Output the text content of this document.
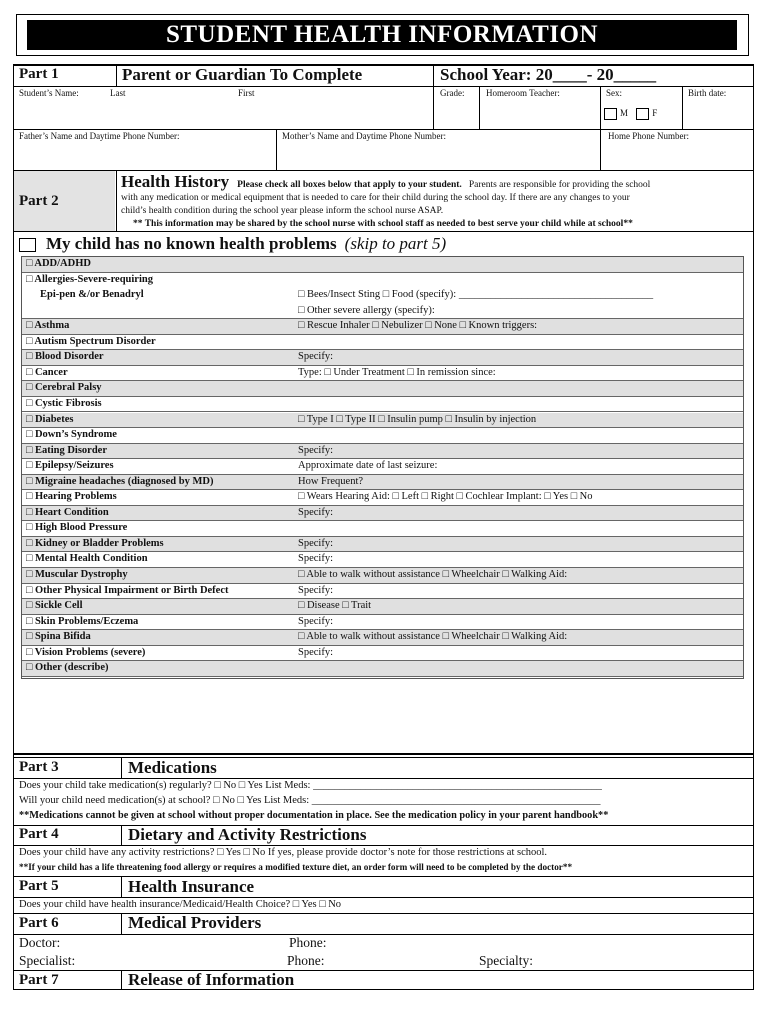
STUDENT HEALTH INFORMATION
Part 1	Parent or Guardian To Complete	School Year: 20____- 20_____
Student’s Name:	Last	First	Grade: Homeroom Teacher:	Sex:
M	F
Birth date:
Father’s Name and Daytime Phone Number:	Mother’s Name and Daytime Phone Number:	Home Phone Number:
Part 2
Health History Please check all boxes below that apply to your student. Parents are responsible for providing the school
with any medication or medical equipment that is needed to care for their child during the school day. If there are any changes to your
child’s health condition during the school year please inform the school nurse ASAP.
** This information may be shared by the school nurse with school staff as needed to best serve your child while at school**
My child has no known health problems (skip to part 5)
□ ADD/ADHD
□ Allergies-Severe-requiring
Epi-pen &/or Benadryl	□ Bees/Insect Sting □ Food (specify): _____________________________________
□ Other severe allergy (specify):
□ Asthma	□ Rescue Inhaler □ Nebulizer □ None □ Known triggers:
□ Autism Spectrum Disorder
□ Blood Disorder	Specify:
□ Cancer	Type: □ Under Treatment □ In remission since:
□ Cerebral Palsy
□ Cystic Fibrosis
□ Diabetes	□ Type I □ Type II □ Insulin pump □ Insulin by injection
□ Down’s Syndrome
□ Eating Disorder	Specify:
□ Epilepsy/Seizures	Approximate date of last seizure:
□ Migraine headaches (diagnosed by MD)	How Frequent?
□ Hearing Problems	□ Wears Hearing Aid: □ Left □ Right □ Cochlear Implant: □ Yes □ No
□ Heart Condition	Specify:
□ High Blood Pressure
□ Kidney or Bladder Problems	Specify:
□ Mental Health Condition	Specify:
□ Muscular Dystrophy	□ Able to walk without assistance □ Wheelchair □ Walking Aid:
□ Other Physical Impairment or Birth Defect	Specify:
□ Sickle Cell	□ Disease □ Trait
□ Skin Problems/Eczema	Specify:
□ Spina Bifida	□ Able to walk without assistance □ Wheelchair □ Walking Aid:
□ Vision Problems (severe)	Specify:
□ Other (describe)
Part 3	Medications
Does your child take medication(s) regularly? □ No □ Yes List Meds: _______________________________________________________
Will your child need medication(s) at school? □ No □ Yes List Meds: _______________________________________________________
**Medications cannot be given at school without proper documentation in place. See the medication policy in your parent handbook**
Part 4	Dietary and Activity Restrictions
Does your child have any activity restrictions? □ Yes □ No If yes, please provide doctor’s note for those restrictions at school.
**If your child has a life threatening food allergy or requires a modified texture diet, an order form will need to be completed by the doctor**
Part 5	Health Insurance
Does your child have health insurance/Medicaid/Health Choice? □ Yes □ No
Part 6	Medical Providers
Doctor:	Phone:
Specialist:	Phone:	Specialty:
Part 7	Release of Information
